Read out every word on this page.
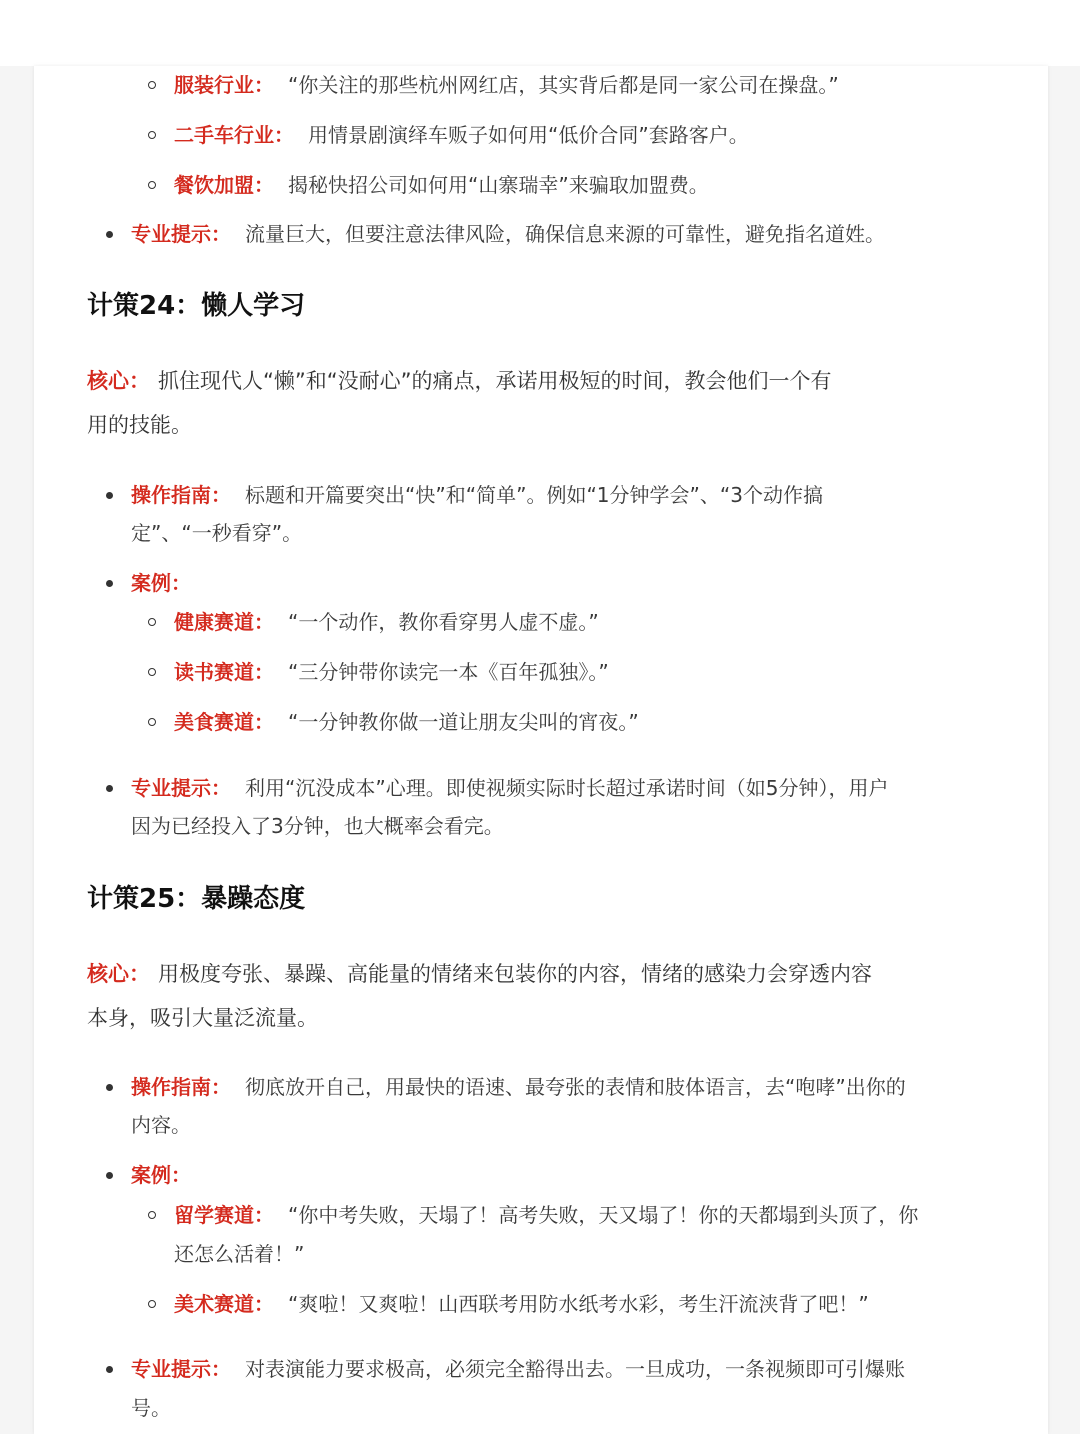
服装行业： “你关注的那些杭州网红店，其实背后都是同一家公司在操盘。”
二手车行业： 用情景剧演绎车贩子如何用“低价合同”套路客户。
餐饮加盟： 揭秘快招公司如何用“山寨瑞幸”来骗取加盟费。
专业提示： 流量巨大，但要注意法律风险，确保信息来源的可靠性，避免指名道姓。
计策24：懒人学习
核心： 抓住现代人“懒”和“没耐心”的痛点，承诺用极短的时间，教会他们一个有
用的技能。
操作指南： 标题和开篇要突出“快”和“简单”。例如“1分钟学会”、“3个动作搞
定”、“一秒看穿”。
案例：
健康赛道： “一个动作，教你看穿男人虚不虚。”
读书赛道： “三分钟带你读完一本《百年孤独》。”
美食赛道： “一分钟教你做一道让朋友尖叫的宵夜。”
专业提示： 利用“沉没成本”心理。即使视频实际时长超过承诺时间（如5分钟），用户
因为已经投入了3分钟，也大概率会看完。
计策25：暴躁态度
核心： 用极度夸张、暴躁、高能量的情绪来包装你的内容，情绪的感染力会穿透内容
本身，吸引大量泛流量。
操作指南： 彻底放开自己，用最快的语速、最夸张的表情和肢体语言，去“咆哮”出你的
内容。
案例：
留学赛道： “你中考失败，天塌了！高考失败，天又塌了！你的天都塌到头顶了，你
还怎么活着！”
美术赛道： “爽啦！又爽啦！山西联考用防水纸考水彩，考生汗流浃背了吧！”
专业提示： 对表演能力要求极高，必须完全豁得出去。一旦成功，一条视频即可引爆账
号。
